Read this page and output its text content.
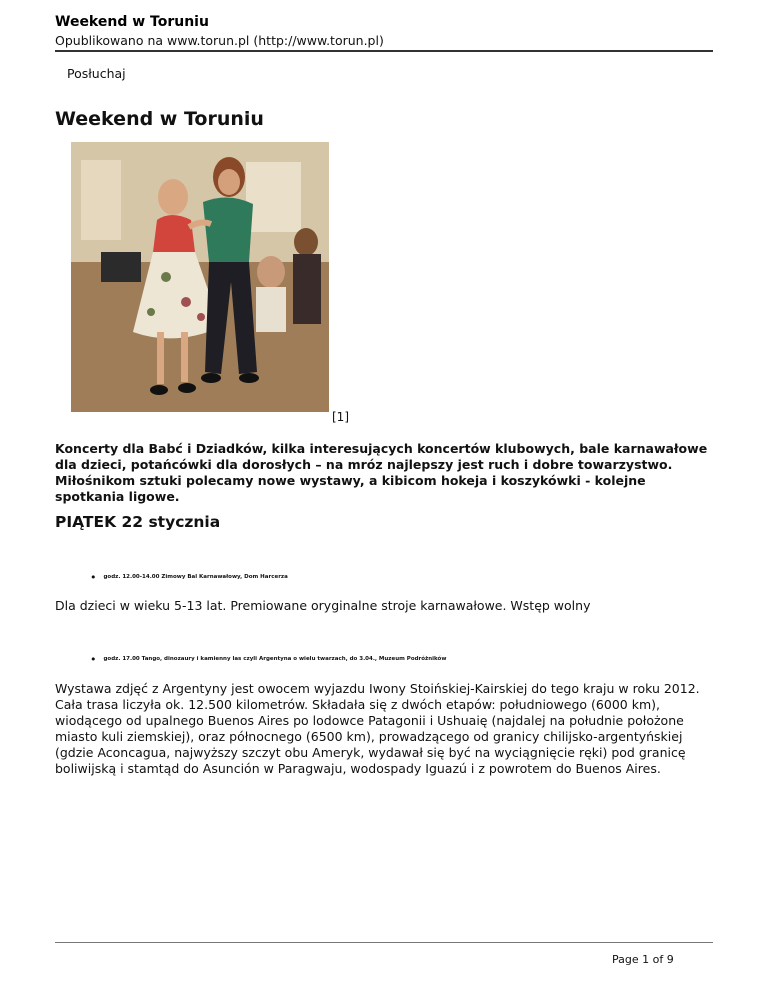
Weekend w Toruniu
Opublikowano na www.torun.pl (http://www.torun.pl)
Posłuchaj
Weekend w Toruniu
[1]

Koncerty dla Babć i Dziadków, kilka interesujących koncertów klubowych, bale karnawałowe dla dzieci, potańcówki dla dorosłych – na mróz najlepszy jest ruch i dobre towarzystwo. Miłośnikom sztuki polecamy nowe wystawy, a kibicom hokeja i koszykówki - kolejne spotkania ligowe.

PIĄTEK 22 stycznia
• godz. 12.00-14.00 Zimowy Bal Karnawałowy, Dom Harcerza

Dla dzieci w wieku 5-13 lat. Premiowane oryginalne stroje karnawałowe. Wstęp wolny

• godz. 17.00 Tango, dinozaury i kamienny las czyli Argentyna o wielu twarzach, do 3.04., Muzeum Podróżników

Wystawa zdjęć z Argentyny jest owocem wyjazdu Iwony Stoińskiej-Kairskiej do tego kraju w roku 2012. Cała trasa liczyła ok. 12.500 kilometrów. Składała się z dwóch etapów: południowego (6000 km), wiodącego od upalnego Buenos Aires po lodowce Patagonii i Ushuaię (najdalej na południe położone miasto kuli ziemskiej), oraz północnego (6500 km), prowadzącego od granicy chilijsko-argentyńskiej (gdzie Aconcagua, najwyższy szczyt obu Ameryk, wydawał się być na wyciągnięcie ręki) pod granicę boliwijską i stamtąd do Asunción w Paragwaju, wodospady Iguazú i z powrotem do Buenos Aires.

Page 1 of 9
